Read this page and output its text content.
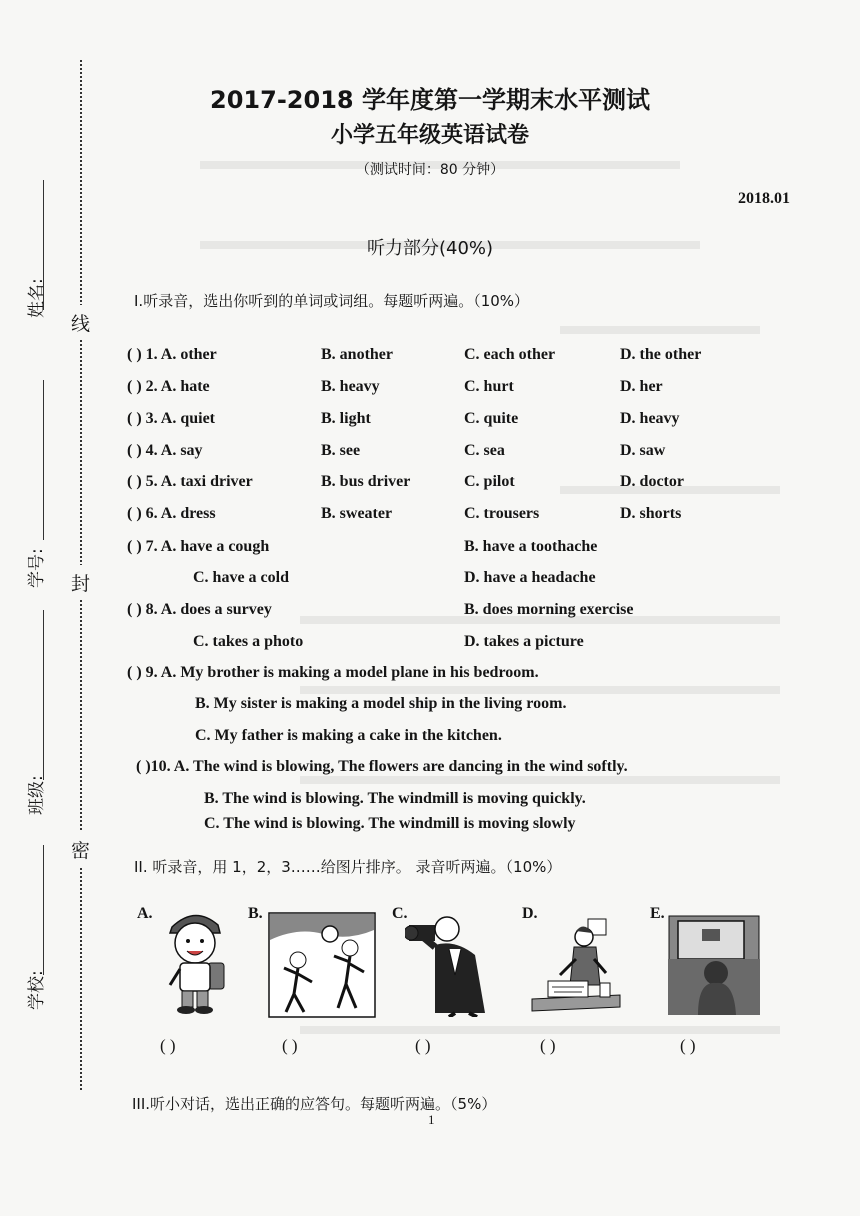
线
封
密
姓名:
学号:
班级:
学校:
2017-2018 学年度第一学期末水平测试
小学五年级英语试卷
（测试时间：80 分钟）
2018.01
听力部分(40%)
Ⅰ.听录音，选出你听到的单词或词组。每题听两遍。（10%）
( ) 1. A. other	B. another	C. each other	D. the other
( ) 2. A. hate	B. heavy	C. hurt	D. her
( ) 3. A. quiet	B. light	C. quite	D. heavy
( ) 4. A. say	B. see	C. sea	D. saw
( ) 5. A. taxi driver	B. bus driver	C. pilot	D. doctor
( ) 6. A. dress	B. sweater	C. trousers	D. shorts
( ) 7. A. have a cough	B. have a toothache
C. have a cold	D. have a headache
( ) 8. A. does a survey	B. does morning exercise
C. takes a photo	D. takes a picture
( ) 9. A. My brother is making a model plane in his bedroom.
B. My sister is making a model ship in the living room.
C. My father is making a cake in the kitchen.
( )10. A. The wind is blowing, The flowers are dancing in the wind softly.
B. The wind is blowing. The windmill is moving quickly.
C. The wind is blowing. The windmill is moving slowly
II. 听录音，用 1，2，3……给图片排序。 录音听两遍。（10%）
A.	B.	C.	D.	E.
( )	( )	( )	( )	( )
III.听小对话，选出正确的应答句。每题听两遍。（5%）
1
